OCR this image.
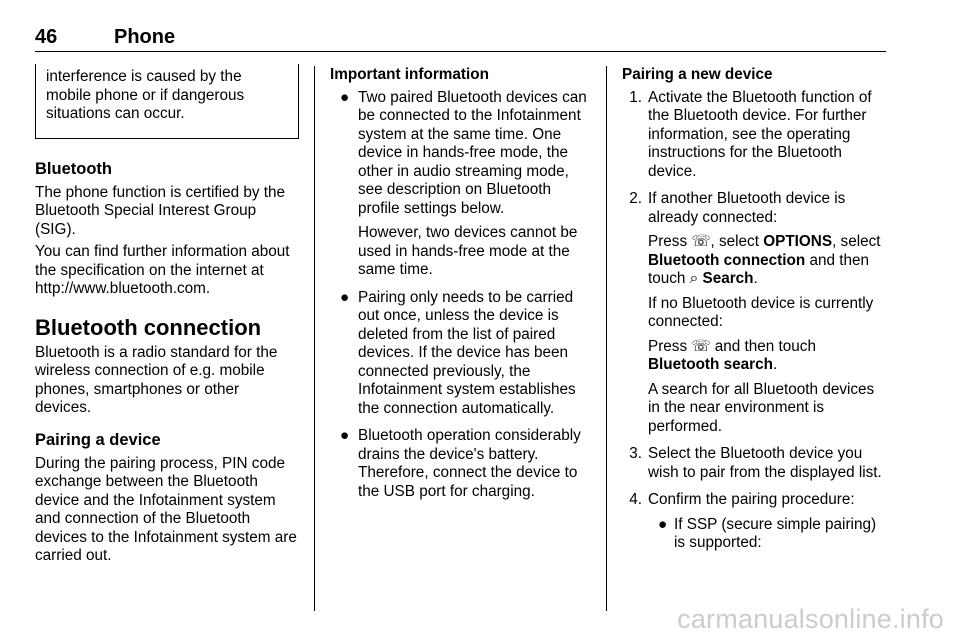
46	Phone

interference is caused by the mobile phone or if dangerous situations can occur.

Bluetooth

The phone function is certified by the Bluetooth Special Interest Group (SIG).

You can find further information about the specification on the internet at http://www.bluetooth.com.

Bluetooth connection

Bluetooth is a radio standard for the wireless connection of e.g. mobile phones, smartphones or other devices.

Pairing a device

During the pairing process, PIN code exchange between the Bluetooth device and the Infotainment system and connection of the Bluetooth devices to the Infotainment system are carried out.

Important information

● Two paired Bluetooth devices can be connected to the Infotainment system at the same time. One device in hands-free mode, the other in audio streaming mode, see description on Bluetooth profile settings below.

However, two devices cannot be used in hands-free mode at the same time.

● Pairing only needs to be carried out once, unless the device is deleted from the list of paired devices. If the device has been connected previously, the Infotainment system establishes the connection automatically.

● Bluetooth operation considerably drains the device's battery. Therefore, connect the device to the USB port for charging.

Pairing a new device

1. Activate the Bluetooth function of the Bluetooth device. For further information, see the operating instructions for the Bluetooth device.

2. If another Bluetooth device is already connected:

Press ☏, select OPTIONS, select Bluetooth connection and then touch ⌕ Search.

If no Bluetooth device is currently connected:

Press ☏ and then touch Bluetooth search.

A search for all Bluetooth devices in the near environment is performed.

3. Select the Bluetooth device you wish to pair from the displayed list.

4. Confirm the pairing procedure:

● If SSP (secure simple pairing) is supported:

carmanualsonline.info
